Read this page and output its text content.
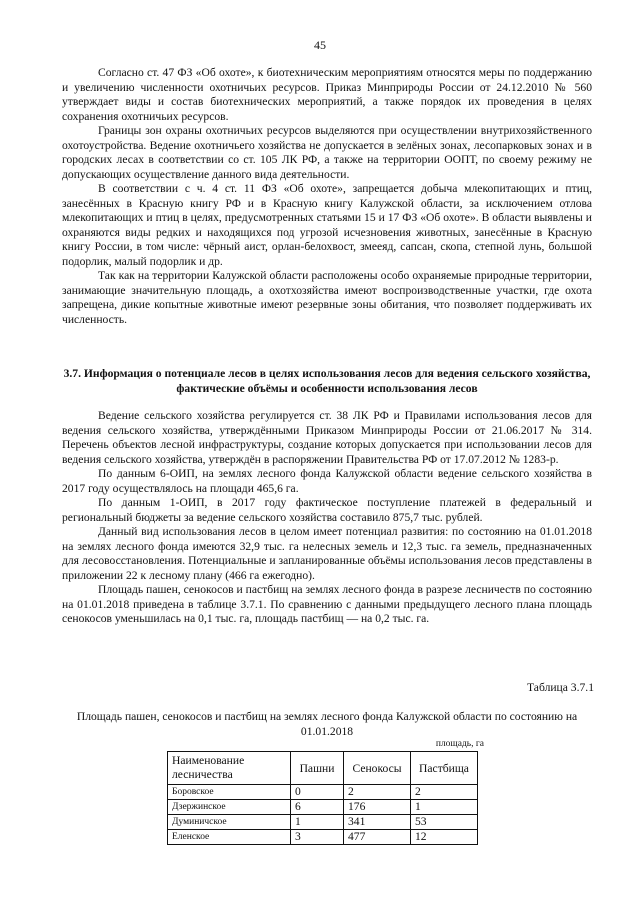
45

Согласно ст. 47 ФЗ «Об охоте», к биотехническим мероприятиям относятся меры по поддержанию и увеличению численности охотничьих ресурсов. Приказ Минприроды России от 24.12.2010 № 560 утверждает виды и состав биотехнических мероприятий, а также порядок их проведения в целях сохранения охотничьих ресурсов.

Границы зон охраны охотничьих ресурсов выделяются при осуществлении внутрихозяйственного охотоустройства. Ведение охотничьего хозяйства не допускается в зелёных зонах, лесопарковых зонах и в городских лесах в соответствии со ст. 105 ЛК РФ, а также на территории ООПТ, по своему режиму не допускающих осуществление данного вида деятельности.

В соответствии с ч. 4 ст. 11 ФЗ «Об охоте», запрещается добыча млекопитающих и птиц, занесённых в Красную книгу РФ и в Красную книгу Калужской области, за исключением отлова млекопитающих и птиц в целях, предусмотренных статьями 15 и 17 ФЗ «Об охоте». В области выявлены и охраняются виды редких и находящихся под угрозой исчезновения животных, занесённые в Красную книгу России, в том числе: чёрный аист, орлан-белохвост, змееяд, сапсан, скопа, степной лунь, большой подорлик, малый подорлик и др.

Так как на территории Калужской области расположены особо охраняемые природные территории, занимающие значительную площадь, а охотхозяйства имеют воспроизводственные участки, где охота запрещена, дикие копытные животные имеют резервные зоны обитания, что позволяет поддерживать их численность.

3.7. Информация о потенциале лесов в целях использования лесов для ведения сельского хозяйства, фактические объёмы и особенности использования лесов

Ведение сельского хозяйства регулируется ст. 38 ЛК РФ и Правилами использования лесов для ведения сельского хозяйства, утверждёнными Приказом Минприроды России от 21.06.2017 № 314. Перечень объектов лесной инфраструктуры, создание которых допускается при использовании лесов для ведения сельского хозяйства, утверждён в распоряжении Правительства РФ от 17.07.2012 № 1283-р.

По данным 6-ОИП, на землях лесного фонда Калужской области ведение сельского хозяйства в 2017 году осуществлялось на площади 465,6 га.

По данным 1-ОИП, в 2017 году фактическое поступление платежей в федеральный и региональный бюджеты за ведение сельского хозяйства составило 875,7 тыс. рублей.

Данный вид использования лесов в целом имеет потенциал развития: по состоянию на 01.01.2018 на землях лесного фонда имеются 32,9 тыс. га нелесных земель и 12,3 тыс. га земель, предназначенных для лесовосстановления. Потенциальные и запланированные объёмы использования лесов представлены в приложении 22 к лесному плану (466 га ежегодно).

Площадь пашен, сенокосов и пастбищ на землях лесного фонда в разрезе лесничеств по состоянию на 01.01.2018 приведена в таблице 3.7.1. По сравнению с данными предыдущего лесного плана площадь сенокосов уменьшилась на 0,1 тыс. га, площадь пастбищ — на 0,2 тыс. га.

Таблица 3.7.1
Площадь пашен, сенокосов и пастбищ на землях лесного фонда Калужской области по состоянию на 01.01.2018
площадь, га
Наименование лесничества	Пашни	Сенокосы	Пастбища
Боровское	0	2	2
Дзержинское	6	176	1
Думиничское	1	341	53
Еленское	3	477	12
